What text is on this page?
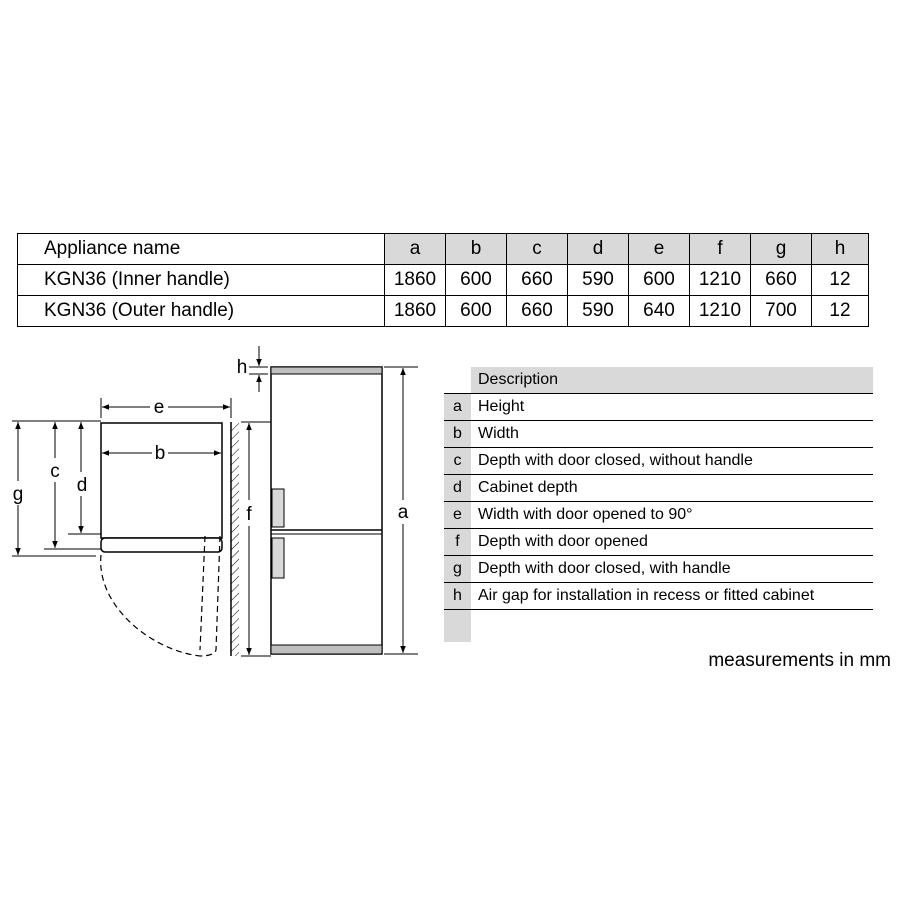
Appliance name	a	b	c	d	e	f	g	h
KGN36 (Inner handle)	1860	600	660	590	600	1210	660	12
KGN36 (Outer handle)	1860	600	660	590	640	1210	700	12
e
b
d
c
g
h
f	a
Description
a	Height
b	Width
c	Depth with door closed, without handle
d	Cabinet depth
e	Width with door opened to 90°
f	Depth with door opened
g	Depth with door closed, with handle
h	Air gap for installation in recess or fitted cabinet
measurements in mm
